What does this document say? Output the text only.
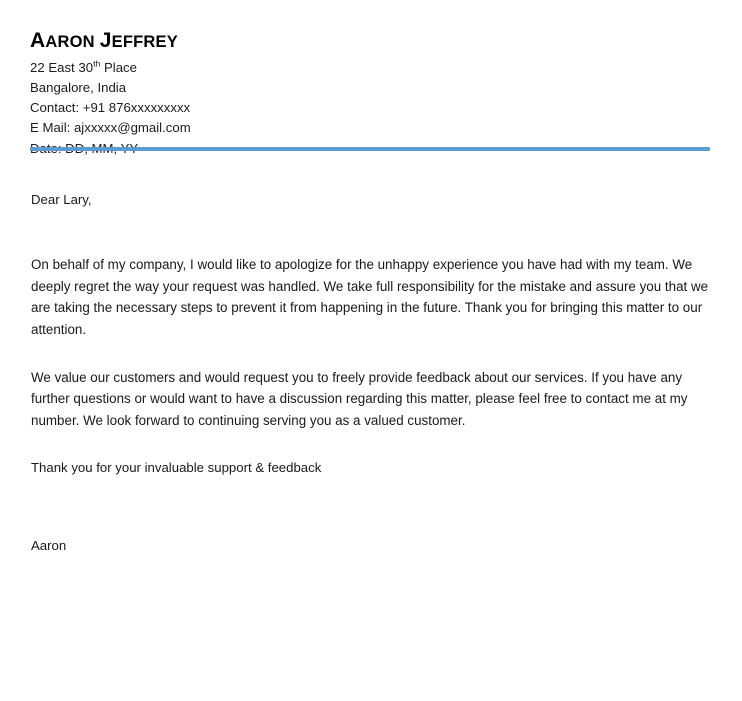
AARON JEFFREY
22 East 30th Place
Bangalore, India
Contact: +91 876xxxxxxxxx
E Mail: ajxxxxx@gmail.com

Dear Lary,

On behalf of my company, I would like to apologize for the unhappy experience you have had with my team. We deeply regret the way your request was handled. We take full responsibility for the mistake and assure you that we are taking the necessary steps to prevent it from happening in the future. Thank you for bringing this matter to our attention.

We value our customers and would request you to freely provide feedback about our services. If you have any further questions or would want to have a discussion regarding this matter, please feel free to contact me at my number. We look forward to continuing serving you as a valued customer.

Thank you for your invaluable support & feedback

Aaron
